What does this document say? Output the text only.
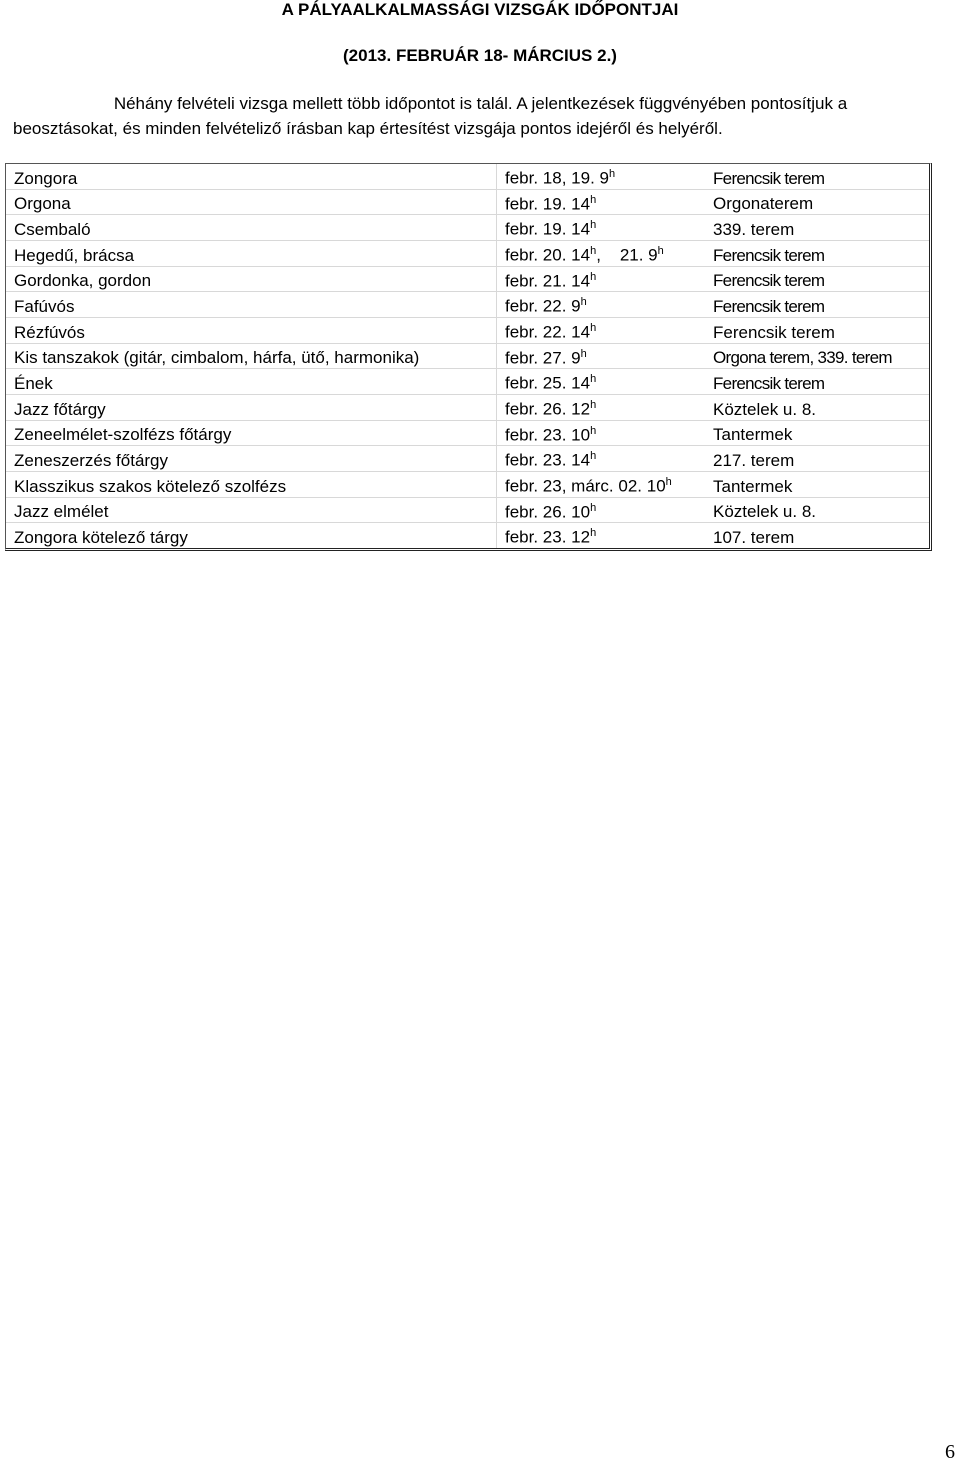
A PÁLYAALKALMASSÁGI VIZSGÁK IDŐPONTJAI
(2013. FEBRUÁR 18- MÁRCIUS 2.)
Néhány felvételi vizsga mellett több időpontot is talál. A jelentkezések függvényében pontosítjuk a
beosztásokat, és minden felvételiző írásban kap értesítést vizsgája pontos idejéről és helyéről.
Zongora	febr. 18, 19. 9$^h$	Ferencsik terem
Orgona	febr. 19. 14$^h$	Orgonaterem
Csembaló	febr. 19. 14$^h$	339. terem
Hegedű, brácsa	febr. 20. 14$^h$,    21. 9$^h$	Ferencsik terem
Gordonka, gordon	febr. 21. 14$^h$	Ferencsik terem
Fafúvós	febr. 22. 9$^h$	Ferencsik terem
Rézfúvós	febr. 22. 14$^h$	Ferencsik terem
Kis tanszakok (gitár, cimbalom, hárfa, ütő, harmonika)	febr. 27. 9$^h$	Orgona terem, 339. terem
Ének	febr. 25. 14$^h$	Ferencsik terem
Jazz főtárgy	febr. 26. 12$^h$	Köztelek u. 8.
Zeneelmélet-szolfézs főtárgy	febr. 23. 10$^h$	Tantermek
Zeneszerzés főtárgy	febr. 23. 14$^h$	217. terem
Klasszikus szakos kötelező szolfézs	febr. 23, márc. 02. 10$^h$	Tantermek
Jazz elmélet	febr. 26. 10$^h$	Köztelek u. 8.
Zongora kötelező tárgy	febr. 23. 12$^h$	107. terem
6
